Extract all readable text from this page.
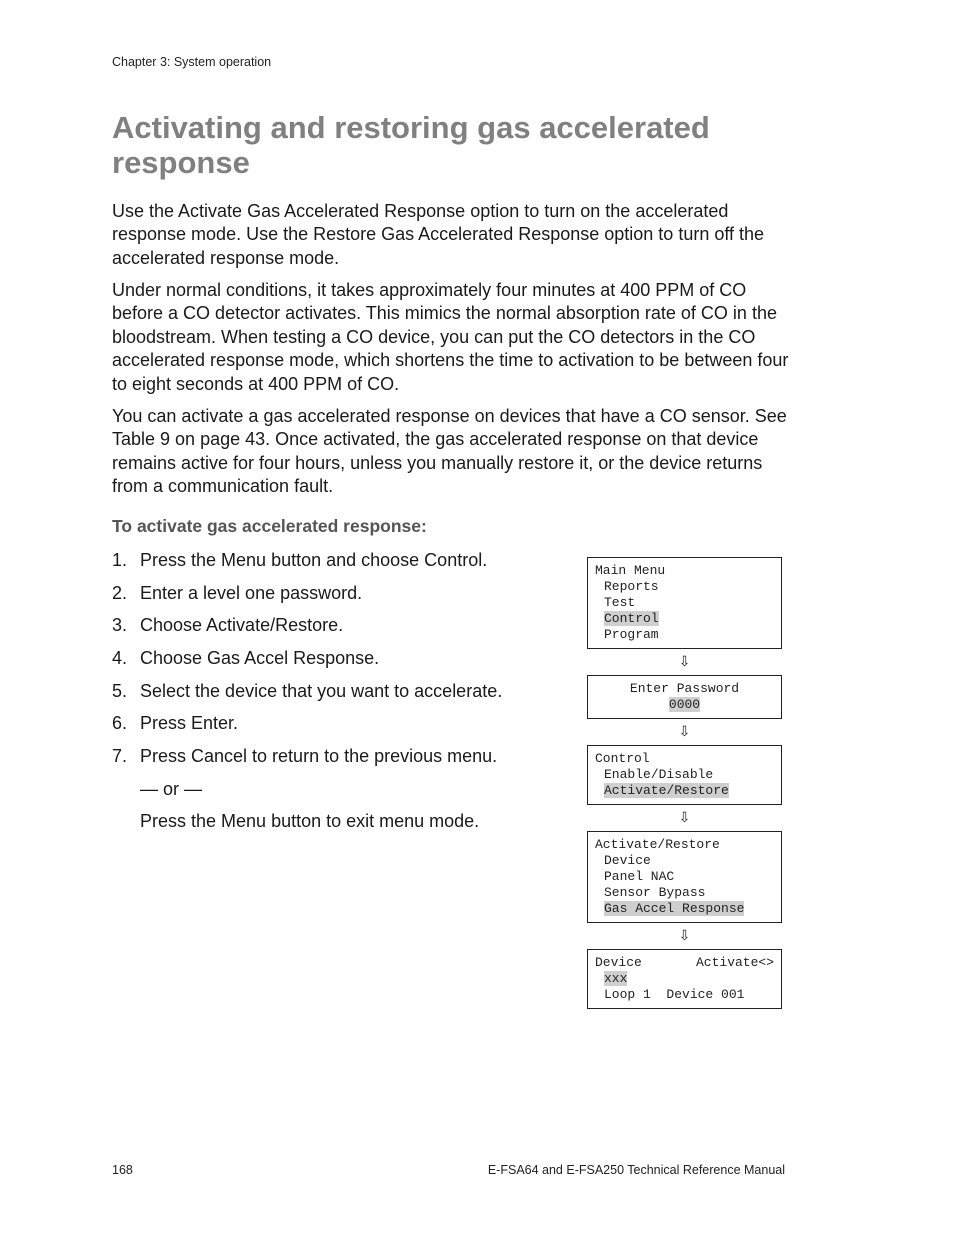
Chapter 3: System operation
Activating and restoring gas accelerated response

Use the Activate Gas Accelerated Response option to turn on the accelerated response mode. Use the Restore Gas Accelerated Response option to turn off the accelerated response mode.

Under normal conditions, it takes approximately four minutes at 400 PPM of CO before a CO detector activates. This mimics the normal absorption rate of CO in the bloodstream. When testing a CO device, you can put the CO detectors in the CO accelerated response mode, which shortens the time to activation to be between four to eight seconds at 400 PPM of CO.

You can activate a gas accelerated response on devices that have a CO sensor. See Table 9 on page 43. Once activated, the gas accelerated response on that device remains active for four hours, unless you manually restore it, or the device returns from a communication fault.

To activate gas accelerated response:
1. Press the Menu button and choose Control.
2. Enter a level one password.
3. Choose Activate/Restore.
4. Choose Gas Accel Response.
5. Select the device that you want to accelerate.
6. Press Enter.
7. Press Cancel to return to the previous menu.
— or —
Press the Menu button to exit menu mode.
Main Menu
Reports
Test
Control
Program
⇩
Enter Password
0000
⇩
Control
Enable/Disable
Activate/Restore
⇩
Activate/Restore
Device
Panel NAC
Sensor Bypass
Gas Accel Response
⇩
Device	Activate<>
xxx
Loop 1  Device 001
168	E-FSA64 and E-FSA250 Technical Reference Manual
